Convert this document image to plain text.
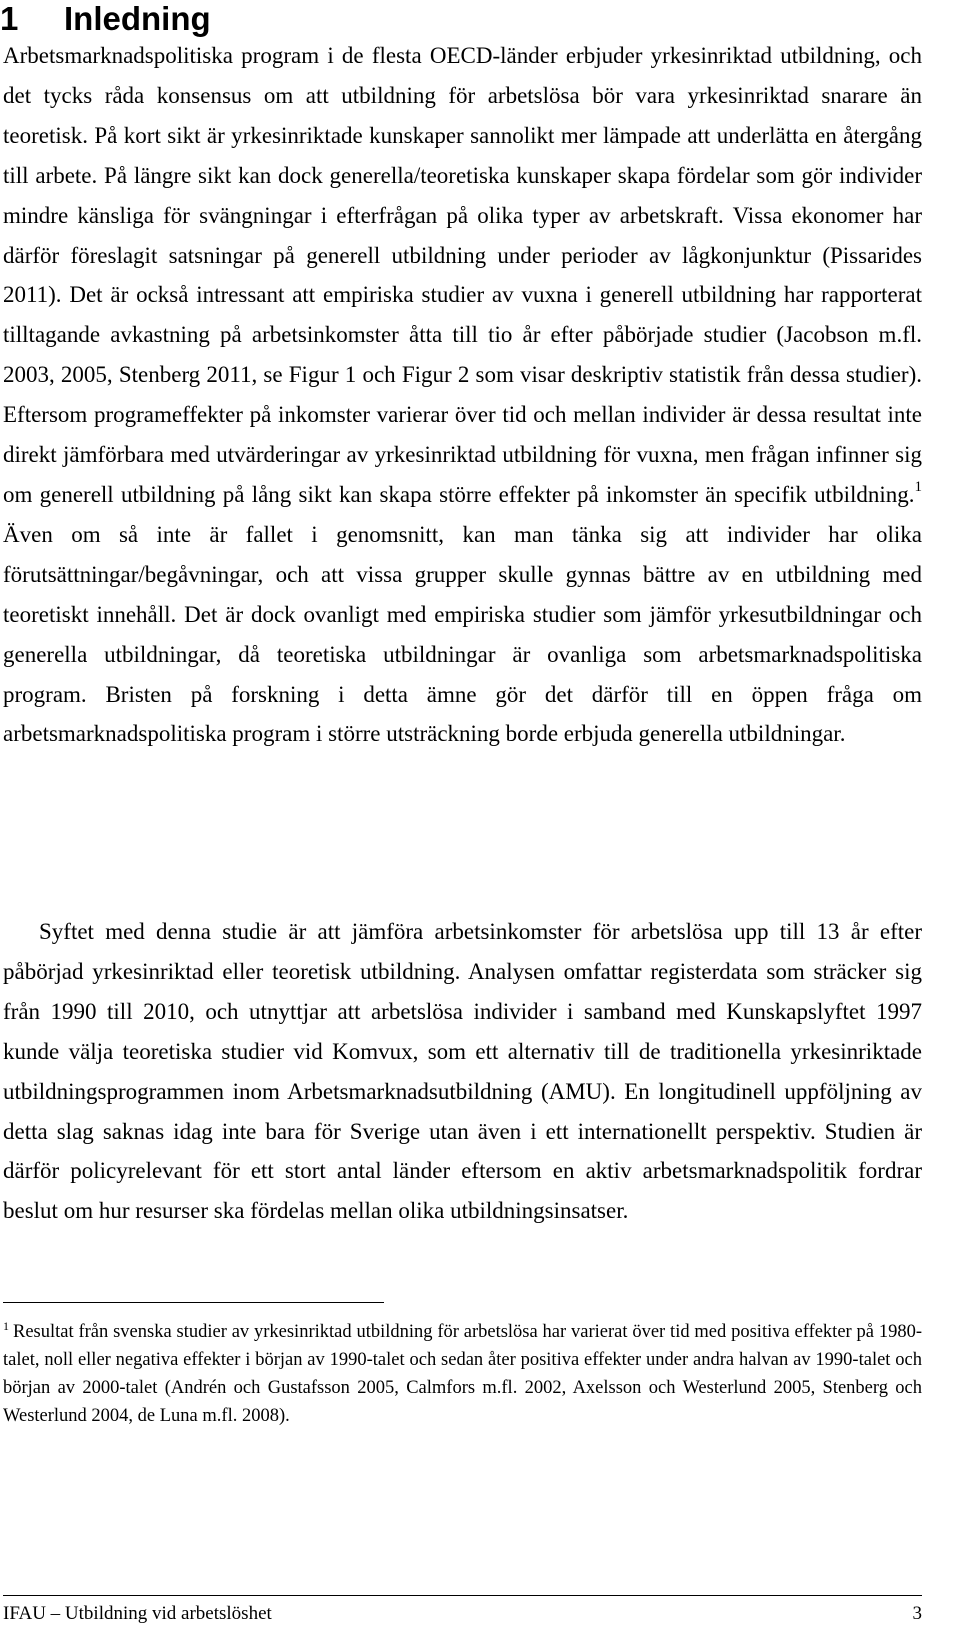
1 Inledning

Arbetsmarknadspolitiska program i de flesta OECD-länder erbjuder yrkesinriktad utbildning, och det tycks råda konsensus om att utbildning för arbetslösa bör vara yrkesinriktad snarare än teoretisk. På kort sikt är yrkesinriktade kunskaper sannolikt mer lämpade att underlätta en återgång till arbete. På längre sikt kan dock generella/teoretiska kunskaper skapa fördelar som gör individer mindre känsliga för svängningar i efterfrågan på olika typer av arbetskraft. Vissa ekonomer har därför föreslagit satsningar på generell utbildning under perioder av lågkonjunktur (Pissarides 2011). Det är också intressant att empiriska studier av vuxna i generell utbildning har rapporterat tilltagande avkastning på arbetsinkomster åtta till tio år efter påbörjade studier (Jacobson m.fl. 2003, 2005, Stenberg 2011, se Figur 1 och Figur 2 som visar deskriptiv statistik från dessa studier). Eftersom programeffekter på inkomster varierar över tid och mellan individer är dessa resultat inte direkt jämförbara med utvärderingar av yrkesinriktad utbildning för vuxna, men frågan infinner sig om generell utbildning på lång sikt kan skapa större effekter på inkomster än specifik utbildning.$^1$ Även om så inte är fallet i genomsnitt, kan man tänka sig att individer har olika förutsättningar/begåvningar, och att vissa grupper skulle gynnas bättre av en utbildning med teoretiskt innehåll. Det är dock ovanligt med empiriska studier som jämför yrkesutbildningar och generella utbildningar, då teoretiska utbildningar är ovanliga som arbetsmarknadspolitiska program. Bristen på forskning i detta ämne gör det därför till en öppen fråga om arbetsmarknadspolitiska program i större utsträckning borde erbjuda generella utbildningar.

Syftet med denna studie är att jämföra arbetsinkomster för arbetslösa upp till 13 år efter påbörjad yrkesinriktad eller teoretisk utbildning. Analysen omfattar registerdata som sträcker sig från 1990 till 2010, och utnyttjar att arbetslösa individer i samband med Kunskapslyftet 1997 kunde välja teoretiska studier vid Komvux, som ett alternativ till de traditionella yrkesinriktade utbildningsprogrammen inom Arbetsmarknadsutbildning (AMU). En longitudinell uppföljning av detta slag saknas idag inte bara för Sverige utan även i ett internationellt perspektiv. Studien är därför policyrelevant för ett stort antal länder eftersom en aktiv arbetsmarknadspolitik fordrar beslut om hur resurser ska fördelas mellan olika utbildningsinsatser.

$^1$ Resultat från svenska studier av yrkesinriktad utbildning för arbetslösa har varierat över tid med positiva effekter på 1980-talet, noll eller negativa effekter i början av 1990-talet och sedan åter positiva effekter under andra halvan av 1990-talet och början av 2000-talet (Andrén och Gustafsson 2005, Calmfors m.fl. 2002, Axelsson och Westerlund 2005, Stenberg och Westerlund 2004, de Luna m.fl. 2008).

IFAU – Utbildning vid arbetslöshet	3
